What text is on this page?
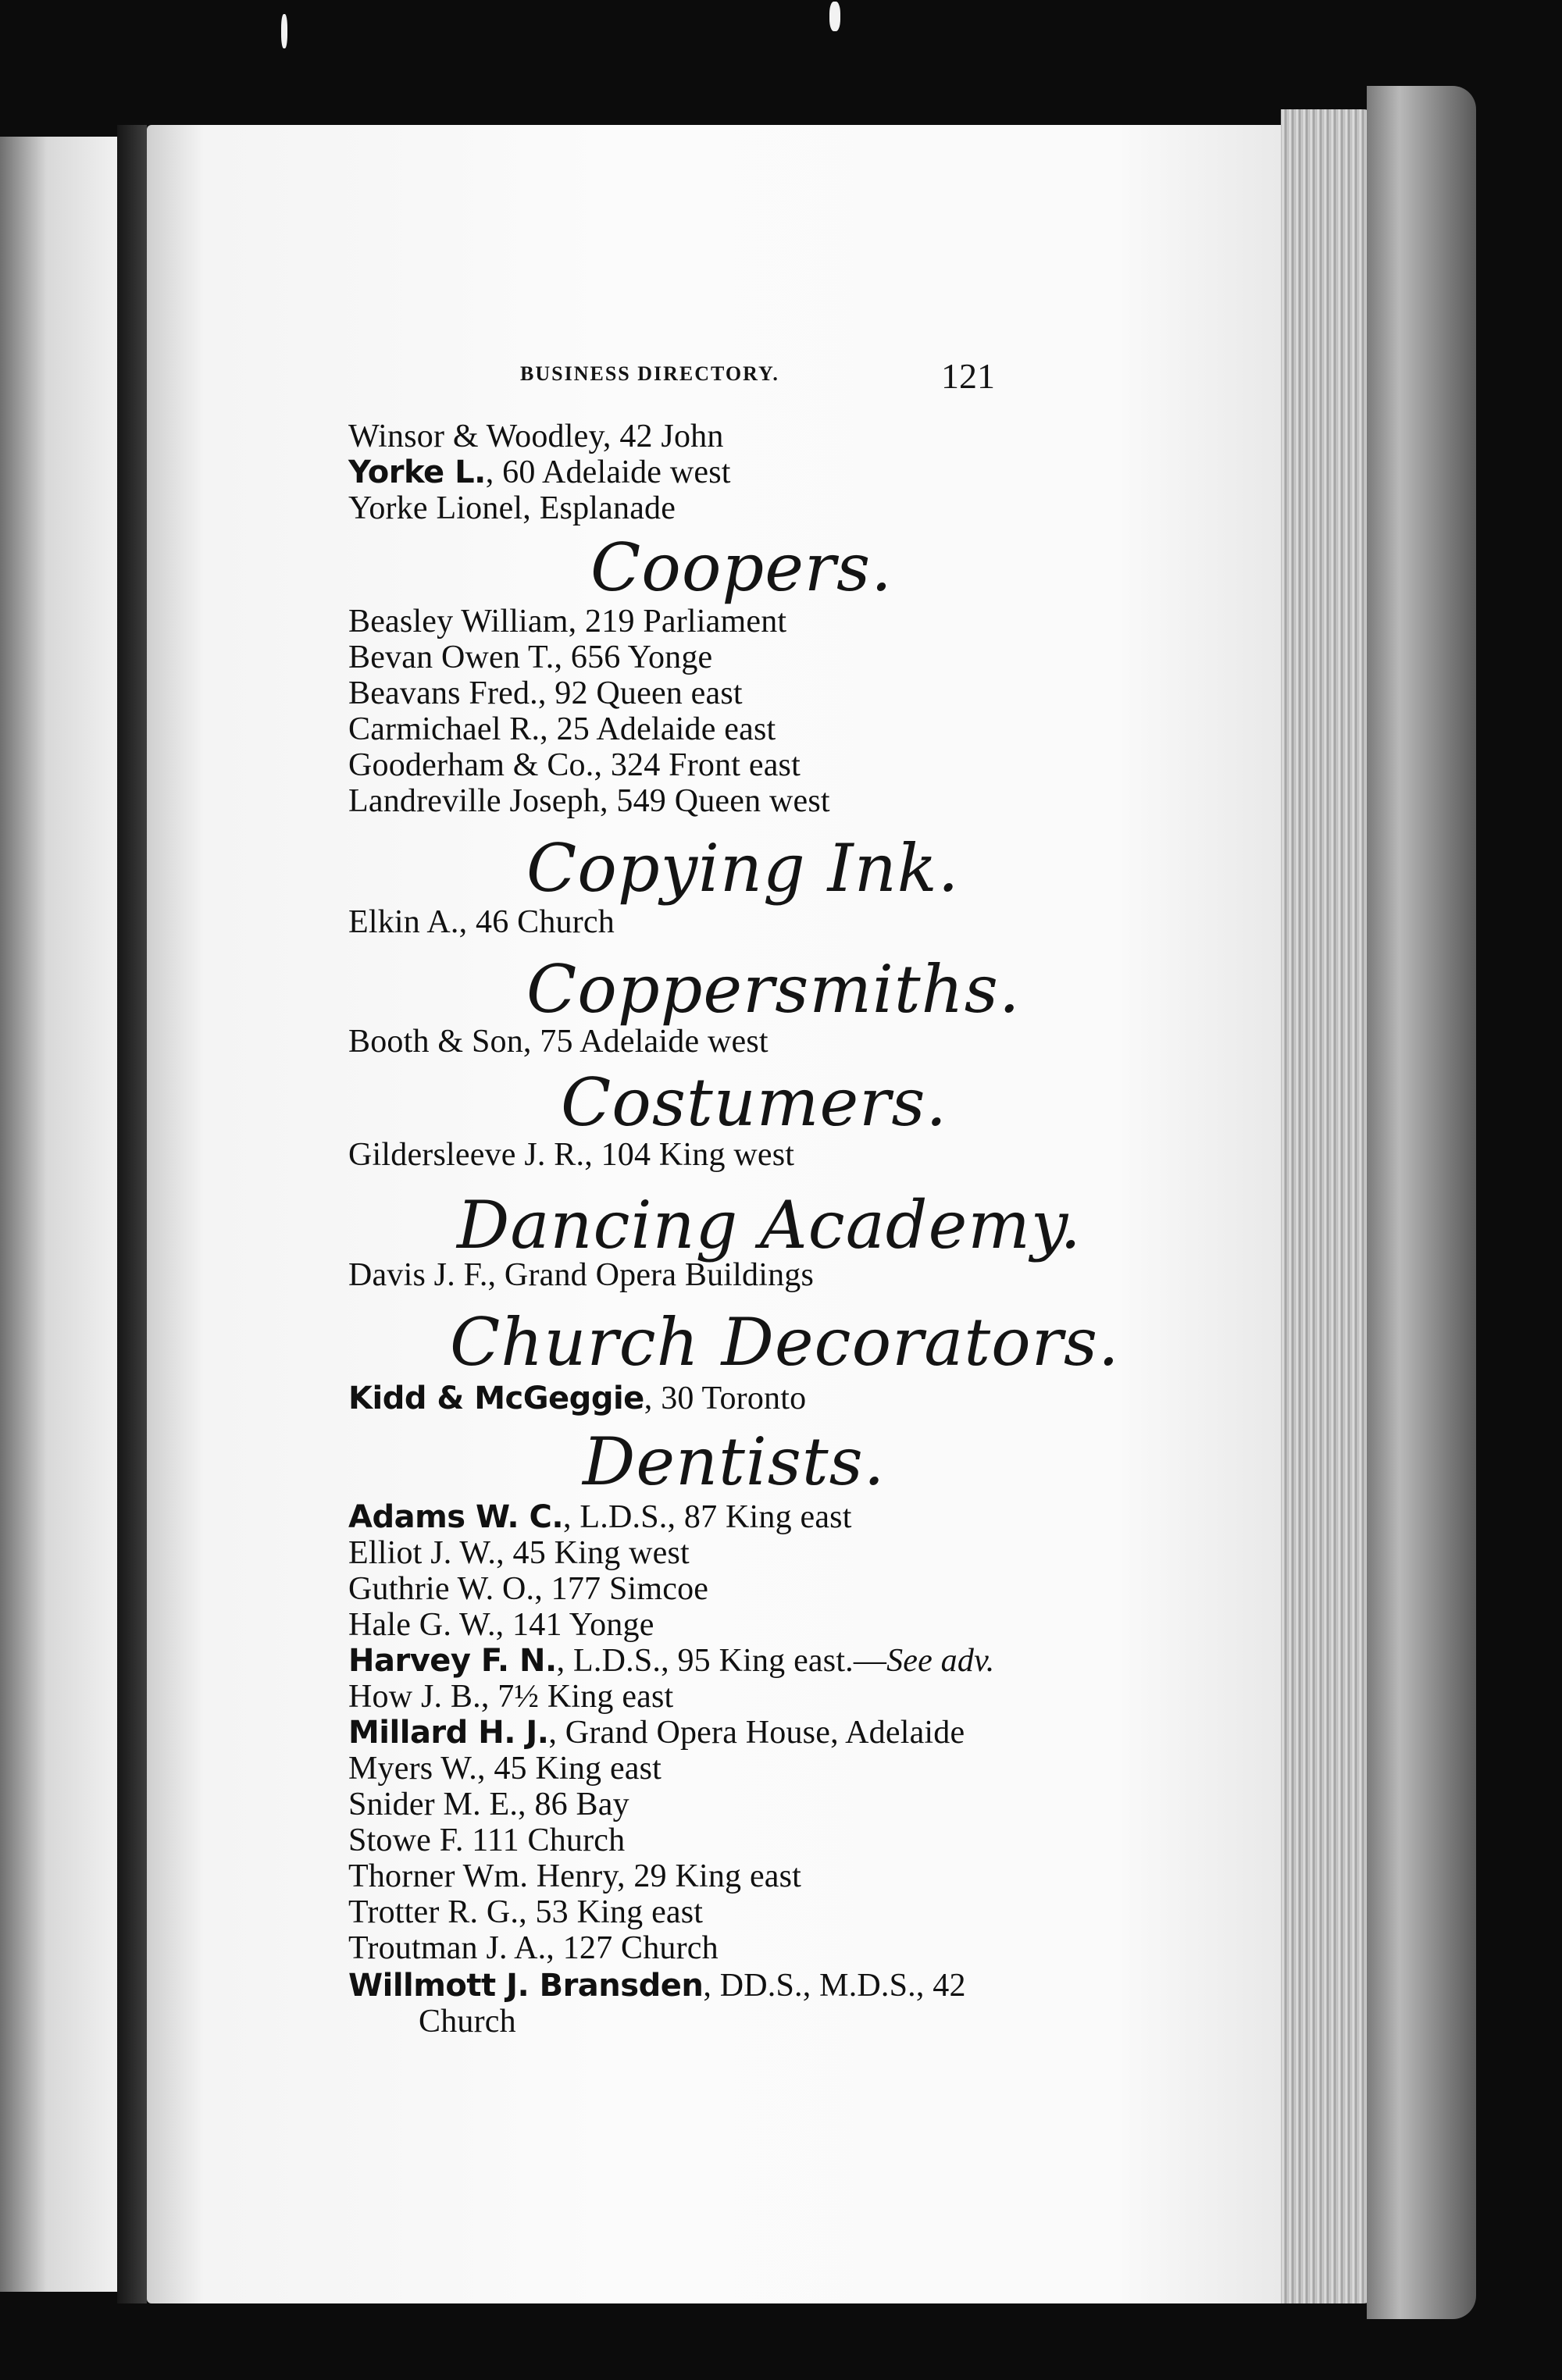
BUSINESS DIRECTORY.	121
Winsor & Woodley, 42 John
Yorke L., 60 Adelaide west
Yorke Lionel, Esplanade
Coopers.
Beasley William, 219 Parliament
Bevan Owen T., 656 Yonge
Beavans Fred., 92 Queen east
Carmichael R., 25 Adelaide east
Gooderham & Co., 324 Front east
Landreville Joseph, 549 Queen west
Copying Ink.
Elkin A., 46 Church
Coppersmiths.
Booth & Son, 75 Adelaide west
Costumers.
Gildersleeve J. R., 104 King west
Dancing Academy.
Davis J. F., Grand Opera Buildings
Church Decorators.
Kidd & McGeggie, 30 Toronto
Dentists.
Adams W. C., L.D.S., 87 King east
Elliot J. W., 45 King west
Guthrie W. O., 177 Simcoe
Hale G. W., 141 Yonge
Harvey F. N., L.D.S., 95 King east.—See adv.
How J. B., 7½ King east
Millard H. J., Grand Opera House, Adelaide
Myers W., 45 King east
Snider M. E., 86 Bay
Stowe F. 111 Church
Thorner Wm. Henry, 29 King east
Trotter R. G., 53 King east
Troutman J. A., 127 Church
Willmott J. Bransden, DD.S., M.D.S., 42
Church
